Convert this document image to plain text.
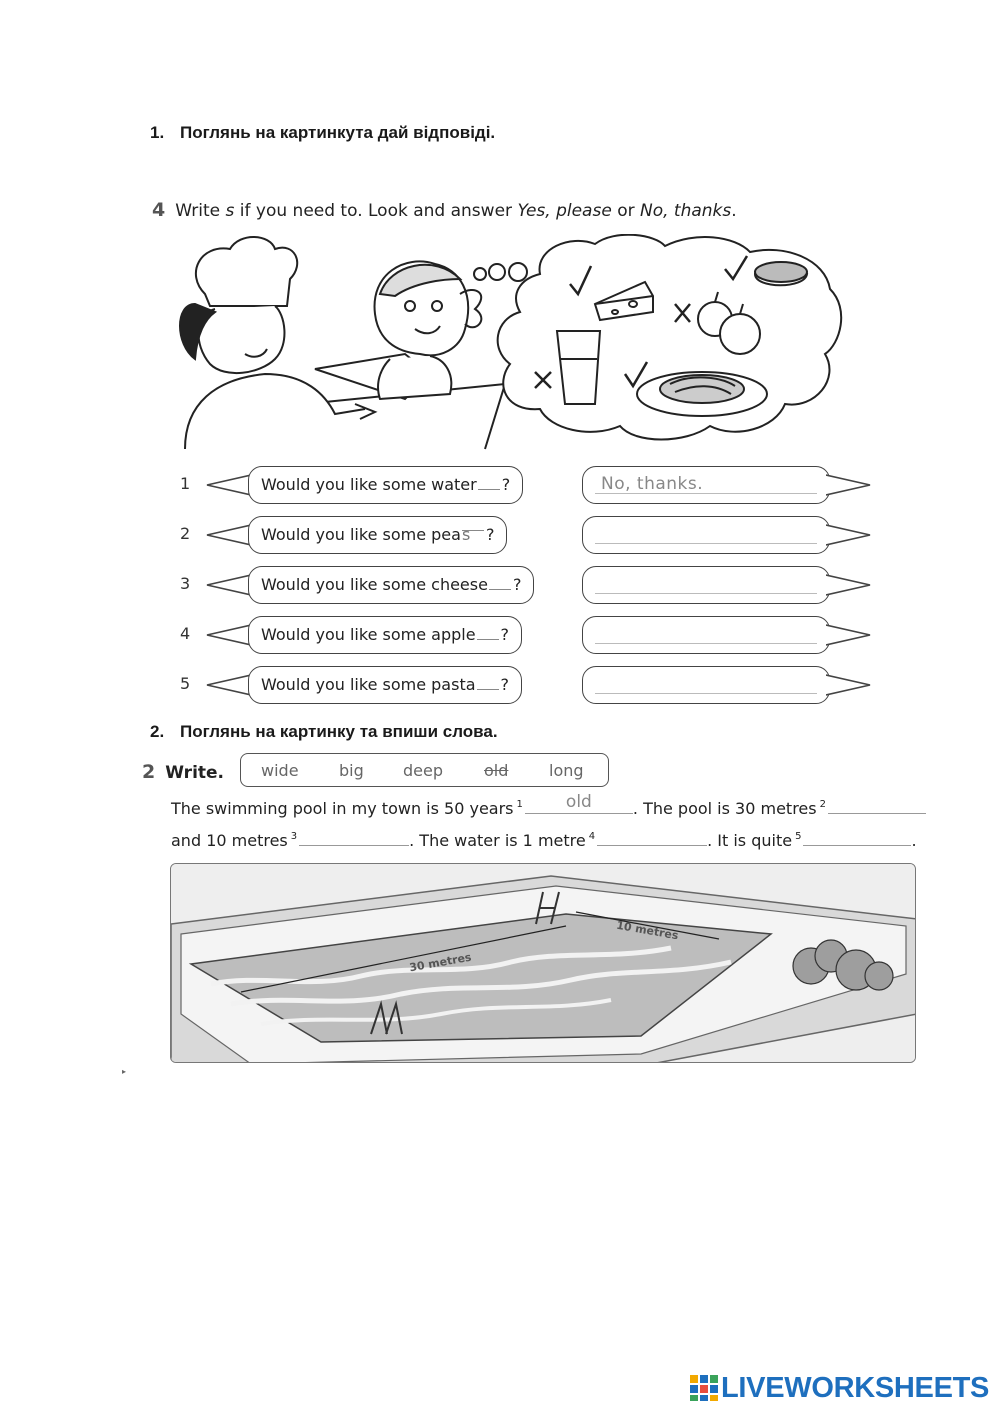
1. Поглянь на картинкута дай відповіді.
4 Write s if you need to. Look and answer Yes, please or No, thanks.
1	Would you like some water ?	No, thanks.
2	Would you like some peas ?
3	Would you like some cheese ?
4	Would you like some apple ?
5	Would you like some pasta ?
2. Поглянь на картинку та впиши слова.
2 Write. wide	big deep	old	long
The swimming pool in my town is 50 years $^1$	old	. The pool is 30 metres $^2$
and 10 metres $^3$	. The water is 1 metre $^4$	. It is quite $^5$	.
30 metres
10 metres
▸
LIVEWORKSHEETS
